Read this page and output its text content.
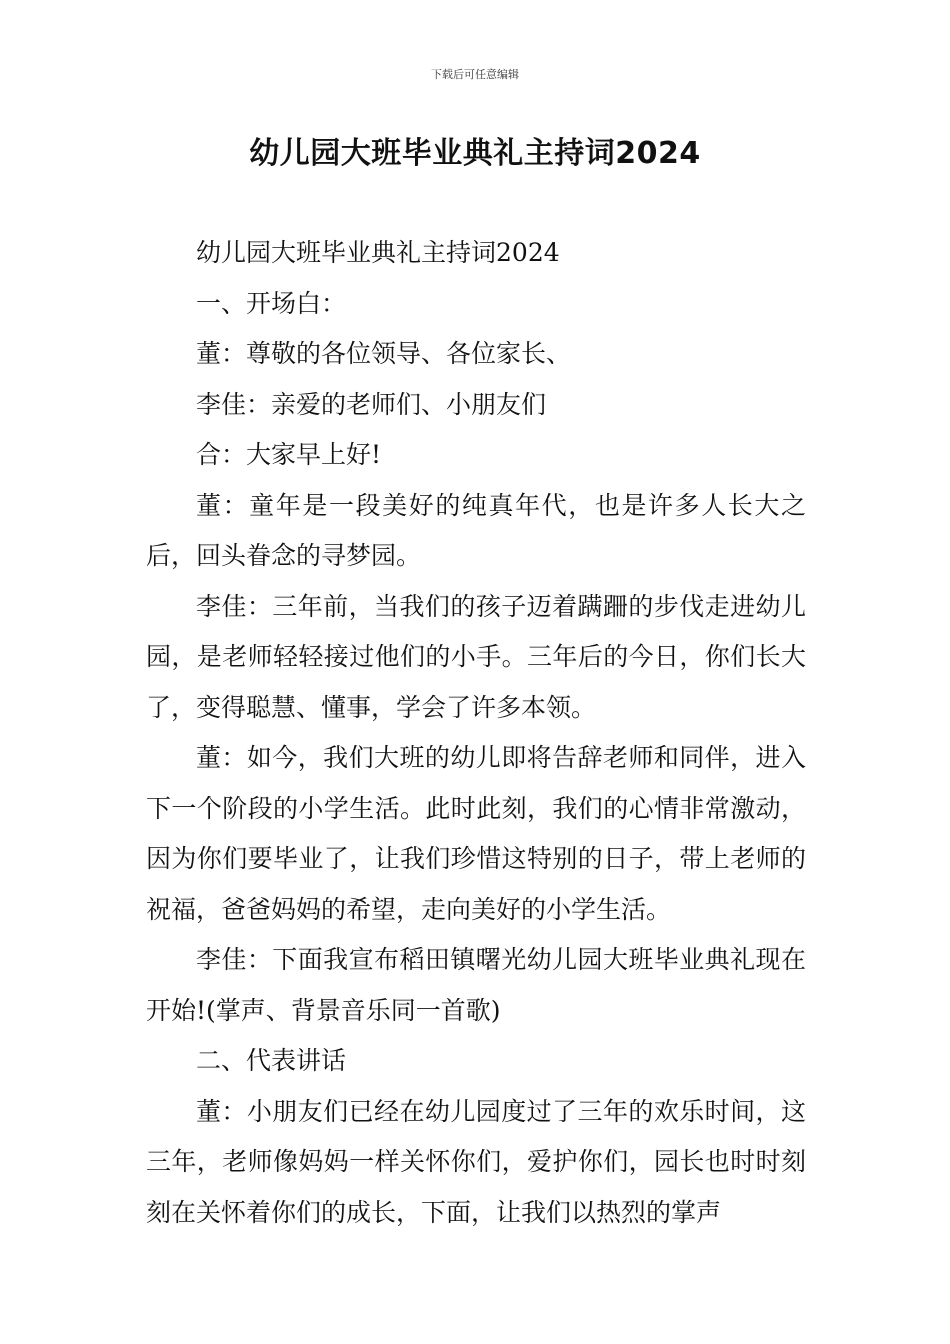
下载后可任意编辑
幼儿园大班毕业典礼主持词2024

幼儿园大班毕业典礼主持词2024

一、开场白：

董：尊敬的各位领导、各位家长、

李佳：亲爱的老师们、小朋友们

合：大家早上好!

董：童年是一段美好的纯真年代，也是许多人长大之后，回头眷念的寻梦园。

李佳：三年前，当我们的孩子迈着蹒跚的步伐走进幼儿园，是老师轻轻接过他们的小手。三年后的今日，你们长大了，变得聪慧、懂事，学会了许多本领。

董：如今，我们大班的幼儿即将告辞老师和同伴，进入下一个阶段的小学生活。此时此刻，我们的心情非常激动，因为你们要毕业了，让我们珍惜这特别的日子，带上老师的祝福，爸爸妈妈的希望，走向美好的小学生活。

李佳：下面我宣布稻田镇曙光幼儿园大班毕业典礼现在开始!(掌声、背景音乐同一首歌)

二、代表讲话

董：小朋友们已经在幼儿园度过了三年的欢乐时间，这三年，老师像妈妈一样关怀你们，爱护你们，园长也时时刻刻在关怀着你们的成长，下面，让我们以热烈的掌声
